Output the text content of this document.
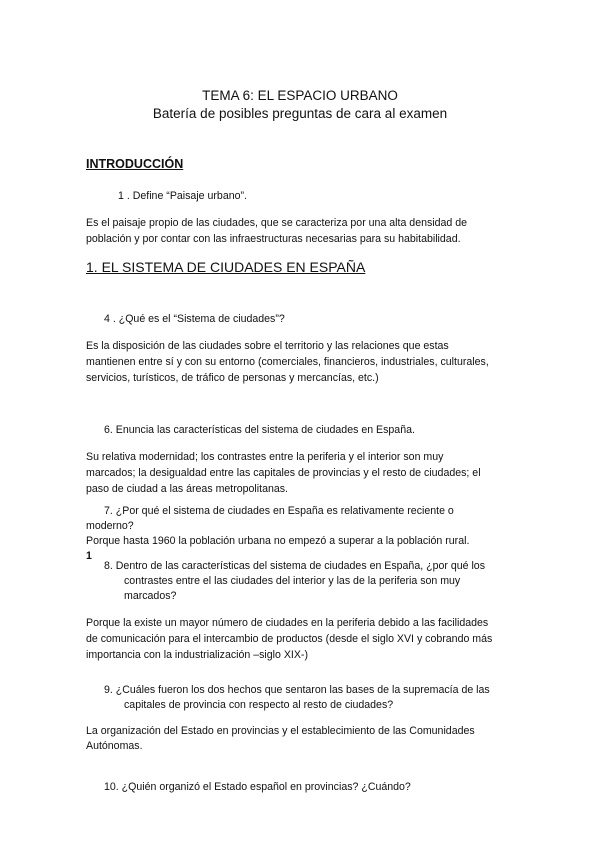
TEMA 6: EL ESPACIO URBANO
Batería de posibles preguntas de cara al examen
INTRODUCCIÓN
1 . Define “Paisaje urbano”.
Es el paisaje propio de las ciudades, que se caracteriza por una alta densidad de
población y por contar con las infraestructuras necesarias para su habitabilidad.
1. EL SISTEMA DE CIUDADES EN ESPAÑA
4 . ¿Qué es el “Sistema de ciudades”?
Es la disposición de las ciudades sobre el territorio y las relaciones que estas
mantienen entre sí y con su entorno (comerciales, financieros, industriales, culturales,
servicios, turísticos, de tráfico de personas y mercancías, etc.)
6. Enuncia las características del sistema de ciudades en España.
Su relativa modernidad; los contrastes entre la periferia y el interior son muy
marcados; la desigualdad entre las capitales de provincias y el resto de ciudades; el
paso de ciudad a las áreas metropolitanas.
7. ¿Por qué el sistema de ciudades en España es relativamente reciente o
moderno?
Porque hasta 1960 la población urbana no empezó a superar a la población rural.
1
8. Dentro de las características del sistema de ciudades en España, ¿por qué los
contrastes entre el las ciudades del interior y las de la periferia son muy
marcados?
Porque la existe un mayor número de ciudades en la periferia debido a las facilidades
de comunicación para el intercambio de productos (desde el siglo XVI y cobrando más
importancia con la industrialización –siglo XIX-)
9. ¿Cuáles fueron los dos hechos que sentaron las bases de la supremacía de las
capitales de provincia con respecto al resto de ciudades?
La organización del Estado en provincias y el establecimiento de las Comunidades
Autónomas.
10. ¿Quién organizó el Estado español en provincias? ¿Cuándo?
